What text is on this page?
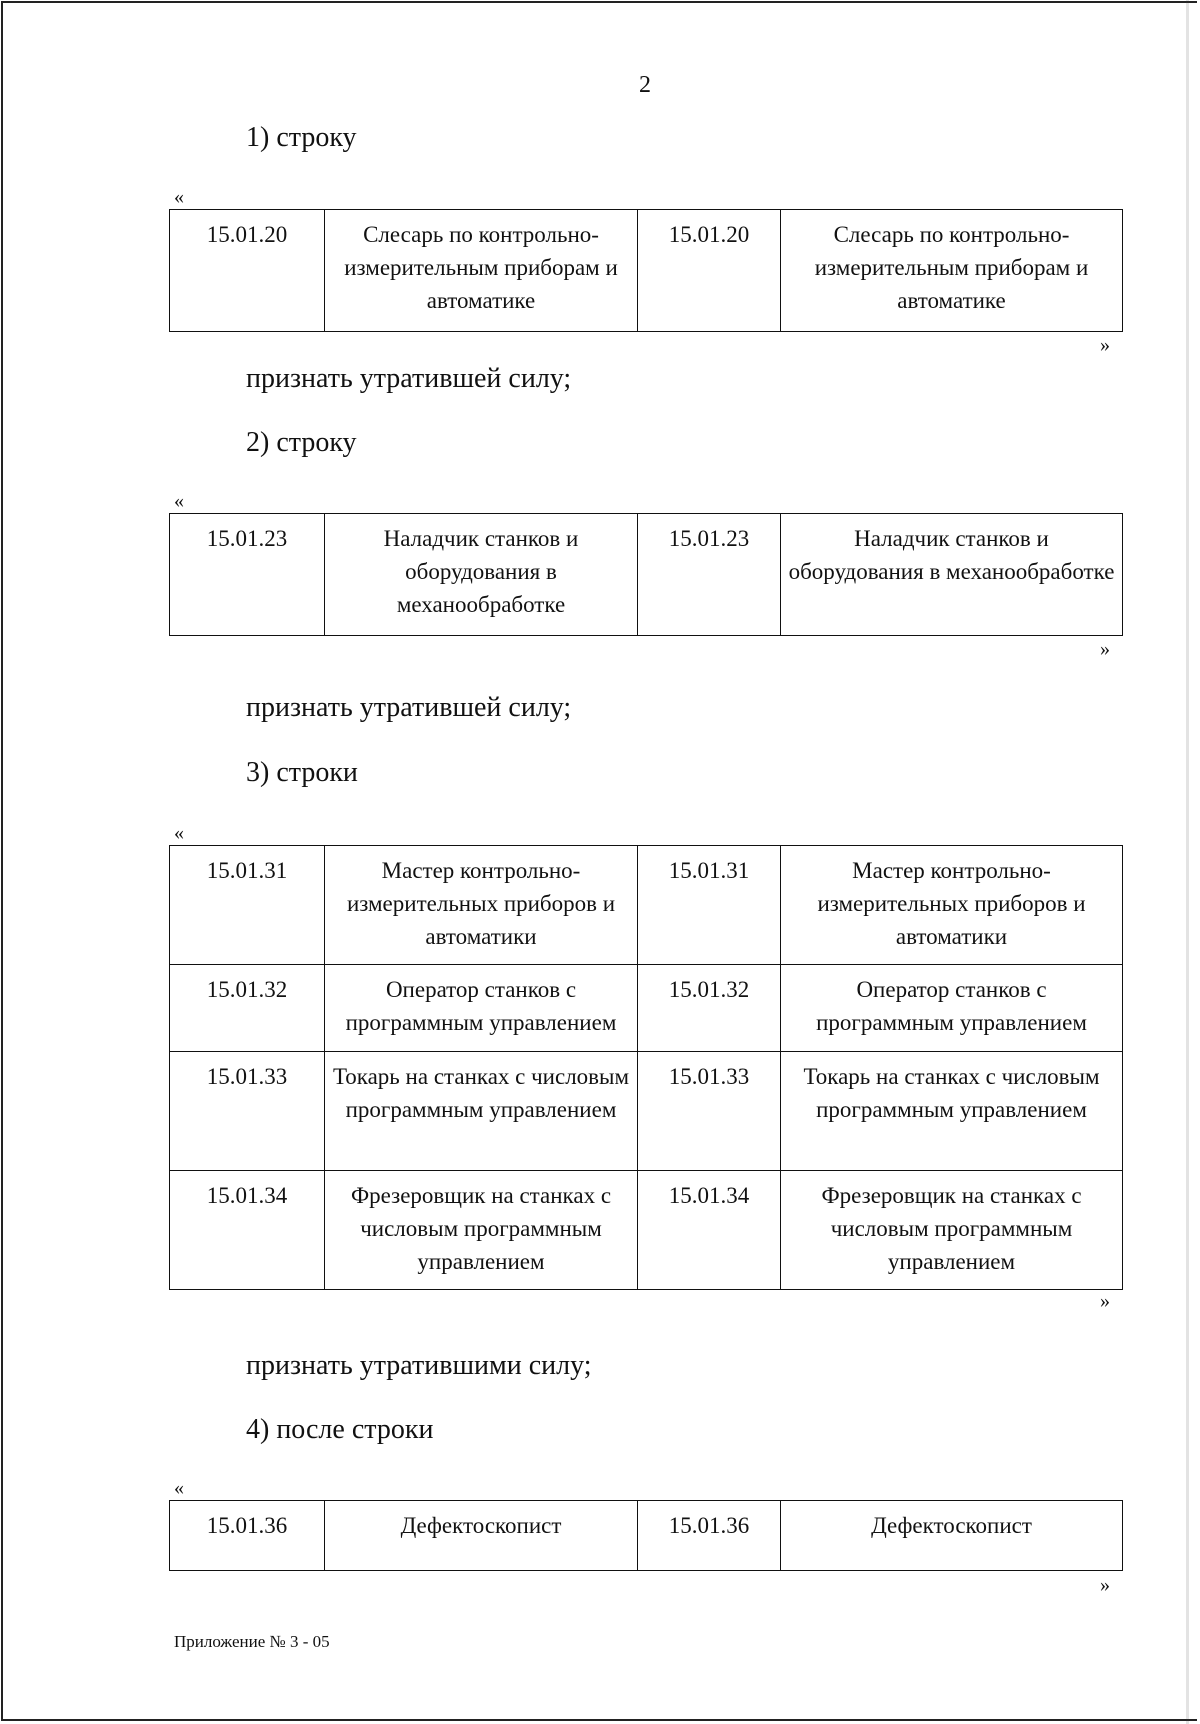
2
1) строку
«
15.01.20	Слесарь по контрольно-измерительным приборам и автоматике	15.01.20	Слесарь по контрольно-измерительным приборам и автоматике
»
признать утратившей силу;
2) строку
«
15.01.23	Наладчик станков и оборудования в механообработке	15.01.23	Наладчик станков и оборудования в механообработке
»
признать утратившей силу;
3) строки
«
15.01.31	Мастер контрольно-измерительных приборов и автоматики	15.01.31	Мастер контрольно-измерительных приборов и автоматики
15.01.32	Оператор станков с программным управлением	15.01.32	Оператор станков с программным управлением
15.01.33	Токарь на станках с числовым программным управлением	15.01.33	Токарь на станках с числовым программным управлением
15.01.34	Фрезеровщик на станках с числовым программным управлением	15.01.34	Фрезеровщик на станках с числовым программным управлением
»
признать утратившими силу;
4) после строки
«
15.01.36	Дефектоскопист	15.01.36	Дефектоскопист
»
Приложение № 3 - 05
